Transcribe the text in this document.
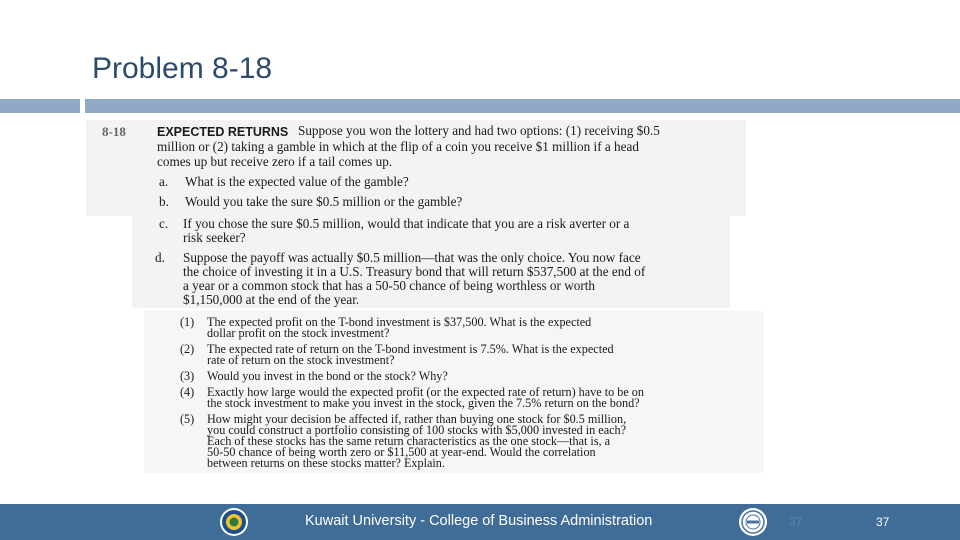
Problem 8-18
8-18 EXPECTED RETURNS Suppose you won the lottery and had two options: (1) receiving $0.5
million or (2) taking a gamble in which at the flip of a coin you receive $1 million if a head
comes up but receive zero if a tail comes up.
a. What is the expected value of the gamble?
b. Would you take the sure $0.5 million or the gamble?
c. If you chose the sure $0.5 million, would that indicate that you are a risk averter or a
risk seeker?
d. Suppose the payoff was actually $0.5 million—that was the only choice. You now face
the choice of investing it in a U.S. Treasury bond that will return $537,500 at the end of
a year or a common stock that has a 50-50 chance of being worthless or worth
$1,150,000 at the end of the year.
(1) The expected profit on the T-bond investment is $37,500. What is the expected
dollar profit on the stock investment?
(2) The expected rate of return on the T-bond investment is 7.5%. What is the expected
rate of return on the stock investment?
(3) Would you invest in the bond or the stock? Why?
(4) Exactly how large would the expected profit (or the expected rate of return) have to be on
the stock investment to make you invest in the stock, given the 7.5% return on the bond?
(5) How might your decision be affected if, rather than buying one stock for $0.5 million,
you could construct a portfolio consisting of 100 stocks with $5,000 invested in each?
Each of these stocks has the same return characteristics as the one stock—that is, a
50-50 chance of being worth zero or $11,500 at year-end. Would the correlation
between returns on these stocks matter? Explain.
Kuwait University - College of Business Administration	37	37
